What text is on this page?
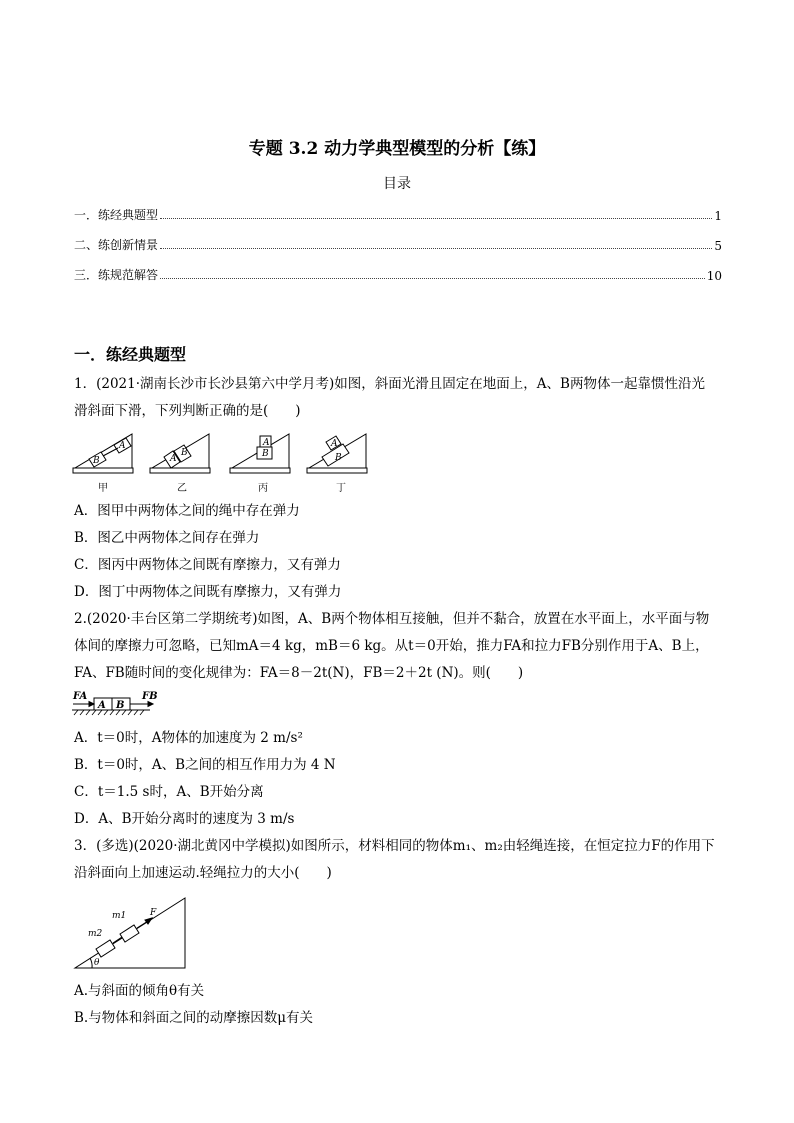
专题 3.2 动力学典型模型的分析【练】
目录
一．练经典题型	1
二、练创新情景	5
三．练规范解答	10
一．练经典题型
1．(2021·湖南长沙市长沙县第六中学月考)如图，斜面光滑且固定在地面上，A、B两物体一起靠惯性沿光
滑斜面下滑，下列判断正确的是(　　)
B
A
A
B	B
A
B
A
甲	乙	丙	丁
A．图甲中两物体之间的绳中存在弹力
B．图乙中两物体之间存在弹力
C．图丙中两物体之间既有摩擦力，又有弹力
D．图丁中两物体之间既有摩擦力，又有弹力
2.(2020·丰台区第二学期统考)如图，A、B两个物体相互接触，但并不黏合，放置在水平面上，水平面与物
体间的摩擦力可忽略，已知mA＝4 kg，mB＝6 kg。从t＝0开始，推力FA和拉力FB分别作用于A、B上，
FA、FB随时间的变化规律为：FA＝8－2t(N)，FB＝2＋2t (N)。则(　　)
A B
FA	FB
A．t＝0时，A物体的加速度为 2 m/s²
B．t＝0时，A、B之间的相互作用力为 4 N
C．t＝1.5 s时，A、B开始分离
D．A、B开始分离时的速度为 3 m/s
3．(多选)(2020·湖北黄冈中学模拟)如图所示，材料相同的物体m₁、m₂由轻绳连接，在恒定拉力F的作用下
沿斜面向上加速运动.轻绳拉力的大小(　　)
m2
m1	F
θ
A.与斜面的倾角θ有关
B.与物体和斜面之间的动摩擦因数μ有关
